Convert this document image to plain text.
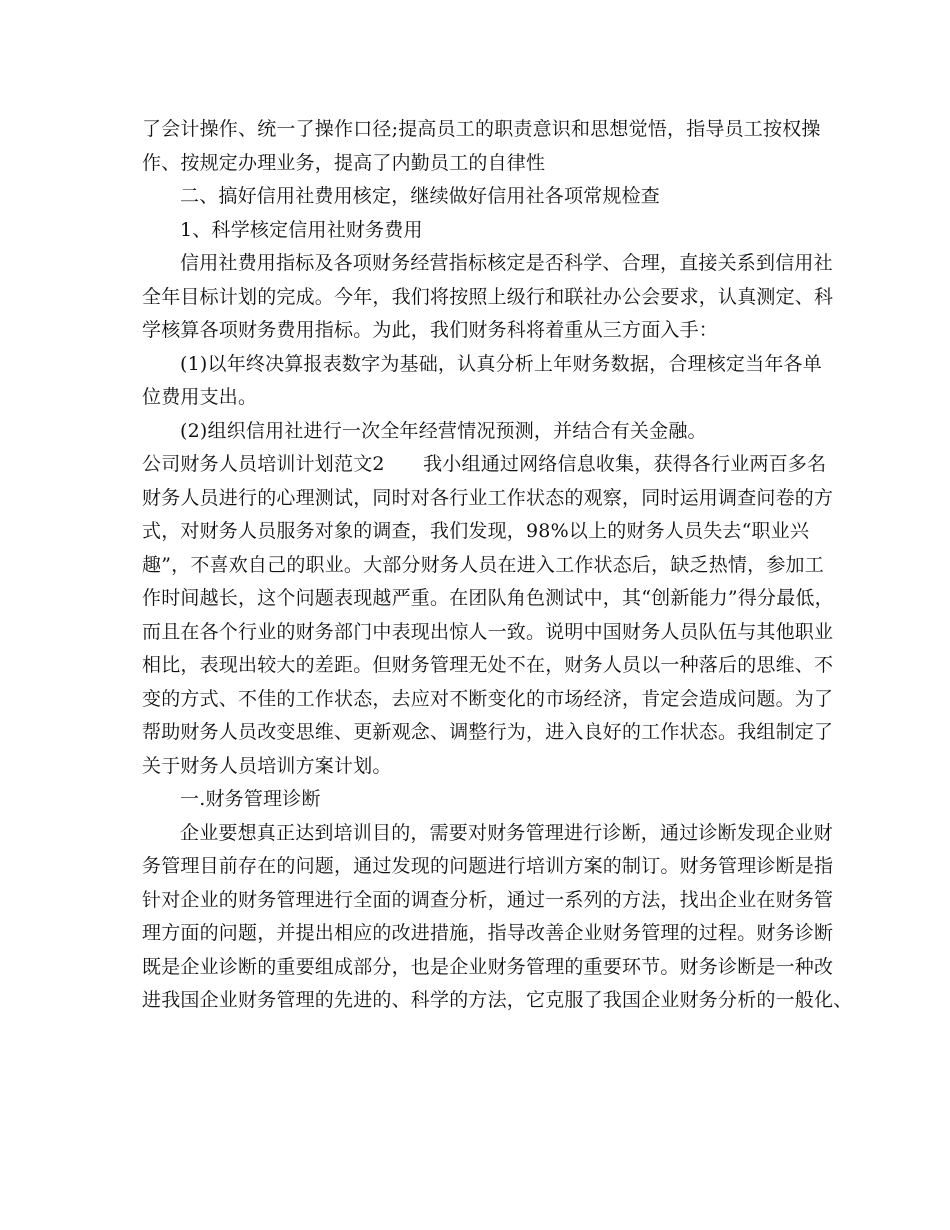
了会计操作、统一了操作口径;提高员工的职责意识和思想觉悟，指导员工按权操
作、按规定办理业务，提高了内勤员工的自律性
二、搞好信用社费用核定，继续做好信用社各项常规检查
1、科学核定信用社财务费用
信用社费用指标及各项财务经营指标核定是否科学、合理，直接关系到信用社
全年目标计划的完成。今年，我们将按照上级行和联社办公会要求，认真测定、科
学核算各项财务费用指标。为此，我们财务科将着重从三方面入手：
(1)以年终决算报表数字为基础，认真分析上年财务数据，合理核定当年各单
位费用支出。
(2)组织信用社进行一次全年经营情况预测，并结合有关金融。
公司财务人员培训计划范文2　　我小组通过网络信息收集，获得各行业两百多名
财务人员进行的心理测试，同时对各行业工作状态的观察，同时运用调查问卷的方
式，对财务人员服务对象的调查，我们发现，98%以上的财务人员失去“职业兴
趣”，不喜欢自己的职业。大部分财务人员在进入工作状态后，缺乏热情，参加工
作时间越长，这个问题表现越严重。在团队角色测试中，其“创新能力”得分最低，
而且在各个行业的财务部门中表现出惊人一致。说明中国财务人员队伍与其他职业
相比，表现出较大的差距。但财务管理无处不在，财务人员以一种落后的思维、不
变的方式、不佳的工作状态，去应对不断变化的市场经济，肯定会造成问题。为了
帮助财务人员改变思维、更新观念、调整行为，进入良好的工作状态。我组制定了
关于财务人员培训方案计划。
一.财务管理诊断
企业要想真正达到培训目的，需要对财务管理进行诊断，通过诊断发现企业财
务管理目前存在的问题，通过发现的问题进行培训方案的制订。财务管理诊断是指
针对企业的财务管理进行全面的调查分析，通过一系列的方法，找出企业在财务管
理方面的问题，并提出相应的改进措施，指导改善企业财务管理的过程。财务诊断
既是企业诊断的重要组成部分，也是企业财务管理的重要环节。财务诊断是一种改
进我国企业财务管理的先进的、科学的方法，它克服了我国企业财务分析的一般化、
